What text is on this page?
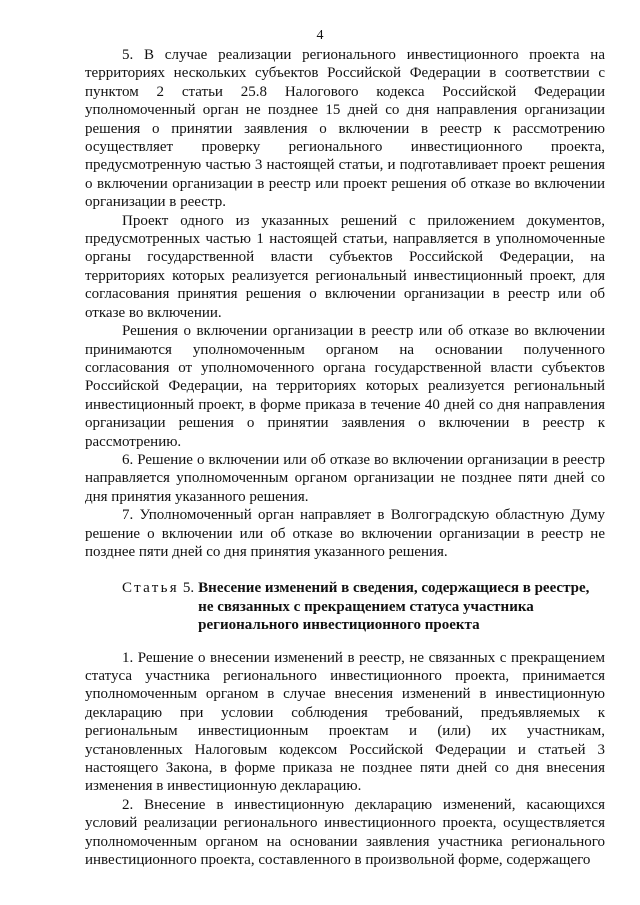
4

5. В случае реализации регионального инвестиционного проекта на территориях нескольких субъектов Российской Федерации в соответствии с пунктом 2 статьи 25.8 Налогового кодекса Российской Федерации уполномоченный орган не позднее 15 дней со дня направления организации решения о принятии заявления о включении в реестр к рассмотрению осуществляет проверку регионального инвестиционного проекта, предусмотренную частью 3 настоящей статьи, и подготавливает проект решения о включении организации в реестр или проект решения об отказе во включении организации в реестр.

Проект одного из указанных решений с приложением документов, предусмотренных частью 1 настоящей статьи, направляется в уполномоченные органы государственной власти субъектов Российской Федерации, на территориях которых реализуется региональный инвестиционный проект, для согласования принятия решения о включении организации в реестр или об отказе во включении.

Решения о включении организации в реестр или об отказе во включении принимаются уполномоченным органом на основании полученного согласования от уполномоченного органа государственной власти субъектов Российской Федерации, на территориях которых реализуется региональный инвестиционный проект, в форме приказа в течение 40 дней со дня направления организации решения о принятии заявления о включении в реестр к рассмотрению.

6. Решение о включении или об отказе во включении организации в реестр направляется уполномоченным органом организации не позднее пяти дней со дня принятия указанного решения.

7. Уполномоченный орган направляет в Волгоградскую областную Думу решение о включении или об отказе во включении организации в реестр не позднее пяти дней со дня принятия указанного решения.

Статья 5. Внесение изменений в сведения, содержащиеся в реестре, не связанных с прекращением статуса участника регионального инвестиционного проекта

1. Решение о внесении изменений в реестр, не связанных с прекращением статуса участника регионального инвестиционного проекта, принимается уполномоченным органом в случае внесения изменений в инвестиционную декларацию при условии соблюдения требований, предъявляемых к региональным инвестиционным проектам и (или) их участникам, установленных Налоговым кодексом Российской Федерации и статьей 3 настоящего Закона, в форме приказа не позднее пяти дней со дня внесения изменения в инвестиционную декларацию.

2. Внесение в инвестиционную декларацию изменений, касающихся условий реализации регионального инвестиционного проекта, осуществляется уполномоченным органом на основании заявления участника регионального инвестиционного проекта, составленного в произвольной форме, содержащего
